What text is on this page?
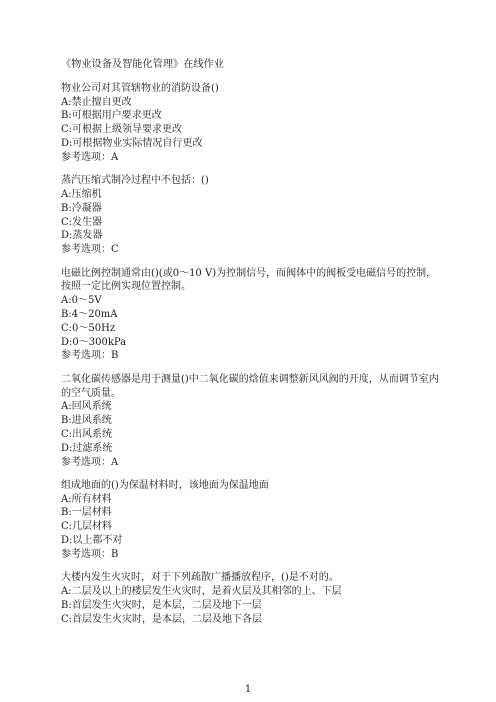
《物业设备及智能化管理》在线作业

物业公司对其管辖物业的消防设备()

A:禁止擅自更改

B:可根据用户要求更改

C:可根据上级领导要求更改

D:可根据物业实际情况自行更改

参考选项：A

蒸汽压缩式制冷过程中不包括：()

A:压缩机

B:冷凝器

C:发生器

D:蒸发器

参考选项：C

电磁比例控制通常由()(或0～10 V)为控制信号，而阀体中的阀板受电磁信号的控制，按照一定比例实现位置控制。

A:0～5V

B:4～20mA

C:0～50Hz

D:0～300kPa

参考选项：B

二氧化碳传感器是用于测量()中二氧化碳的焓值来调整新风风阀的开度，从而调节室内的空气质量。

A:回风系统

B:进风系统

C:出风系统

D:过滤系统

参考选项：A

组成地面的()为保温材料时，该地面为保温地面

A:所有材料

B:一层材料

C:几层材料

D:以上都不对

参考选项：B

大楼内发生火灾时，对于下列疏散广播播放程序，()是不对的。

A:二层及以上的楼层发生火灾时，是着火层及其相邻的上、下层

B:首层发生火灾时，是本层，二层及地下一层

C:首层发生火灾时，是本层，二层及地下各层

1
